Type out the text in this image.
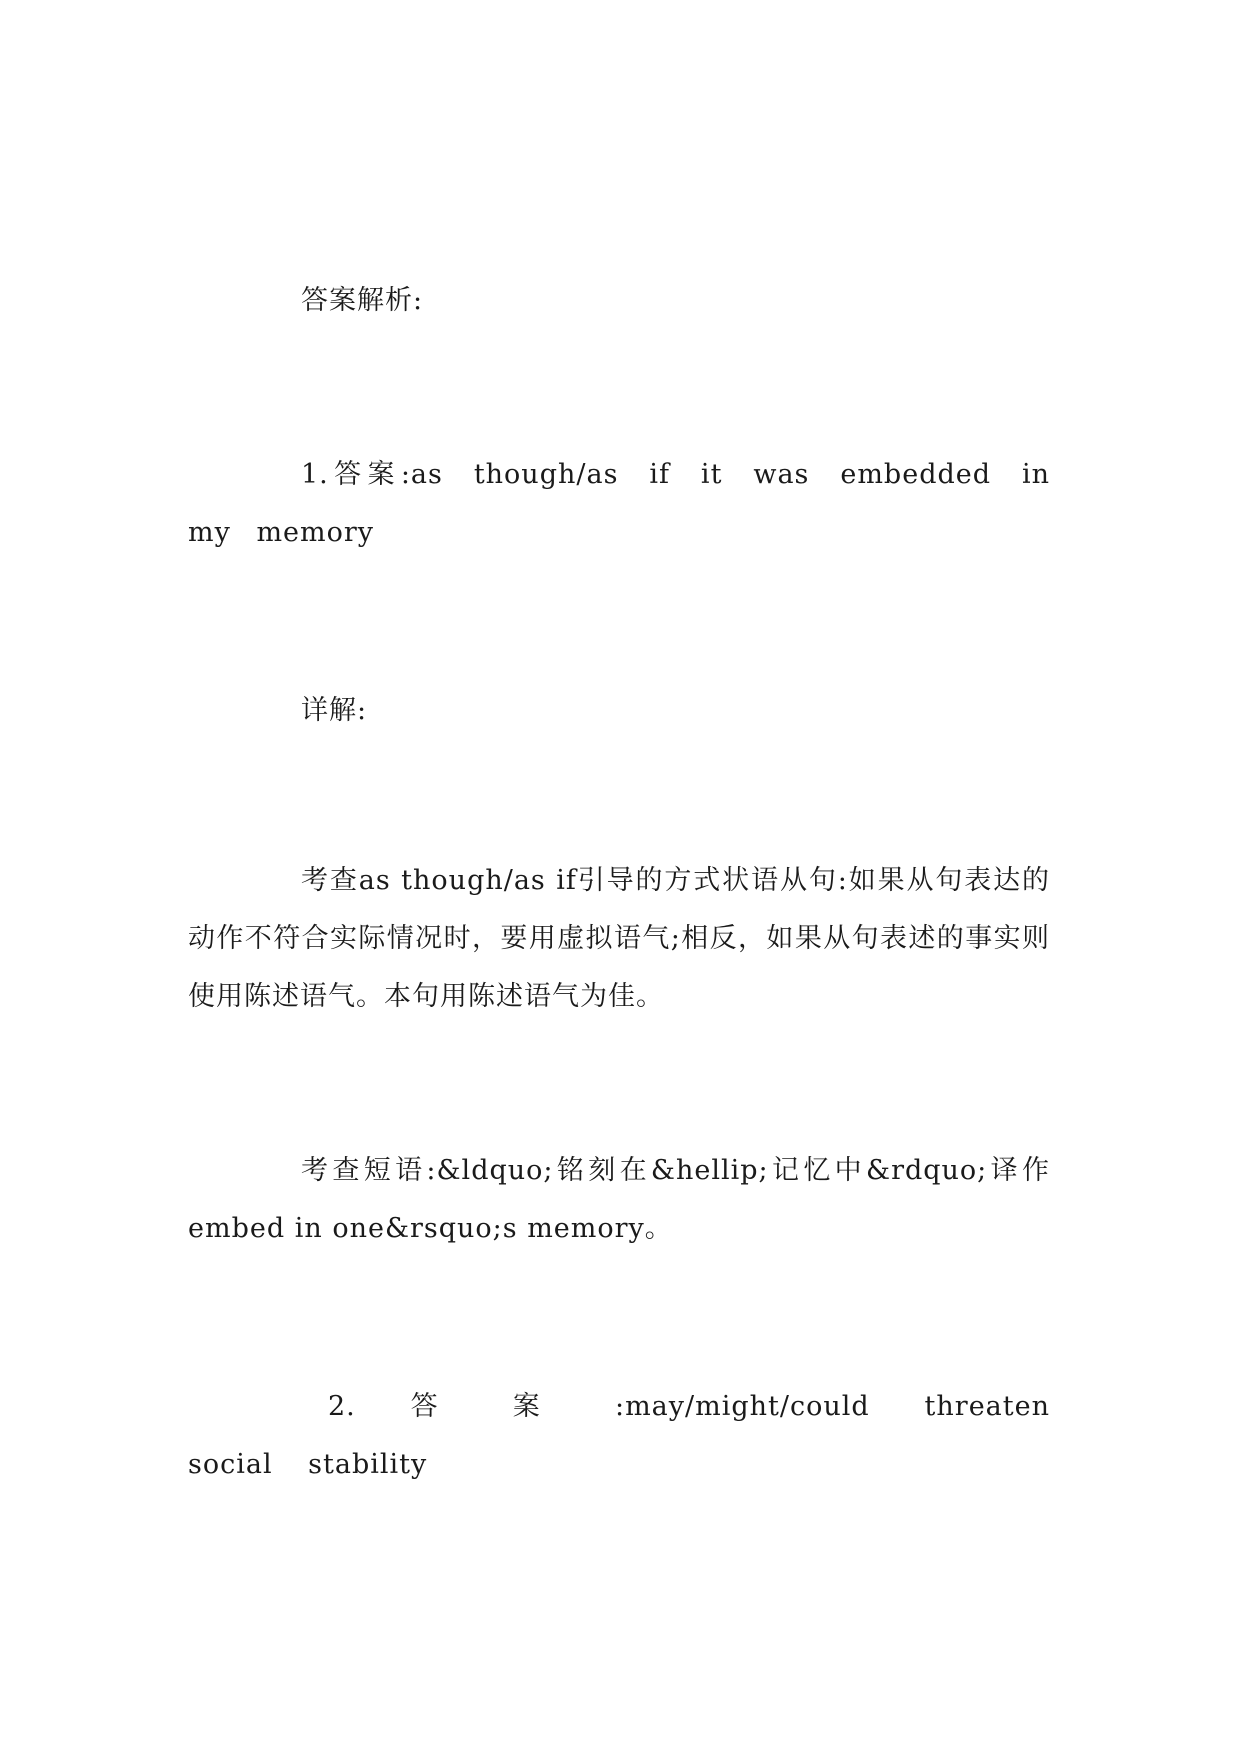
答案解析:

1.答案:as though/as if it was embedded in my memory

详解:

考查as though/as if引导的方式状语从句:如果从句表达的动作不符合实际情况时，要用虚拟语气;相反，如果从句表述的事实则使用陈述语气。本句用陈述语气为佳。

考查短语:&ldquo;铭刻在&hellip;记忆中&rdquo;译作embed in one&rsquo;s memory。

2. 答 案 :may/might/could threaten social stability
